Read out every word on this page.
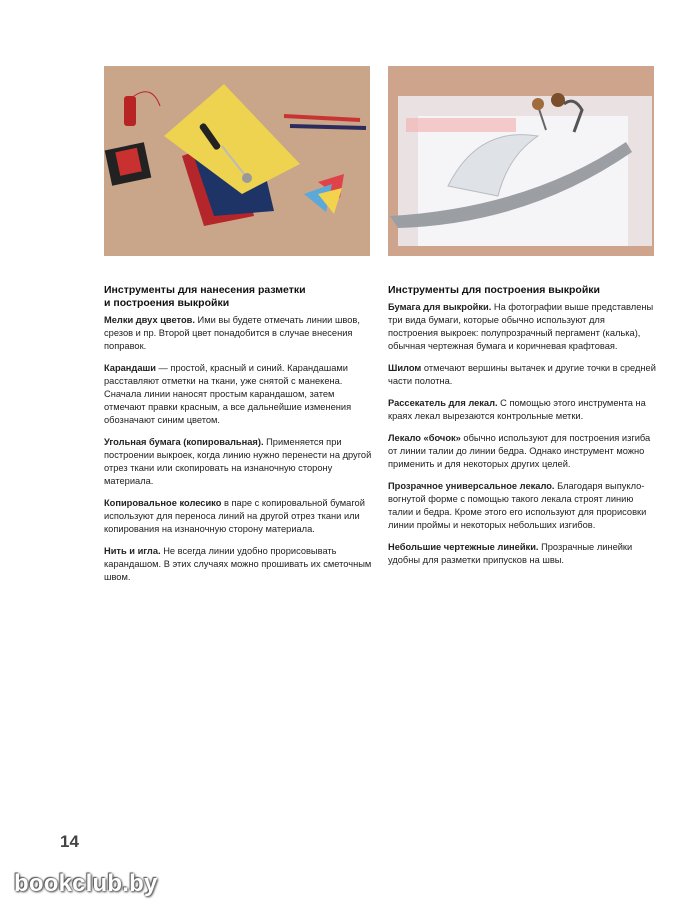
Инструменты для нанесения разметки
и построения выкройки

Мелки двух цветов. Ими вы будете отмечать линии швов, срезов и пр. Второй цвет понадобится в случае внесения поправок.

Карандаши — простой, красный и синий. Карандашами расставляют отметки на ткани, уже снятой с манекена. Сначала линии наносят простым карандашом, затем отмечают правки красным, а все дальнейшие изменения обозначают синим цветом.

Угольная бумага (копировальная). Применяется при построении выкроек, когда линию нужно перенести на другой отрез ткани или скопировать на изнаночную сторону материала.

Копировальное колесико в паре с копировальной бумагой используют для переноса линий на другой отрез ткани или копирования на изнаночную сторону материала.

Нить и игла. Не всегда линии удобно прорисовывать карандашом. В этих случаях можно прошивать их сметочным швом.

Инструменты для построения выкройки

Бумага для выкройки. На фотографии выше представлены три вида бумаги, которые обычно используют для построения выкроек: полупрозрачный пергамент (калька), обычная чертежная бумага и коричневая крафтовая.

Шилом отмечают вершины вытачек и другие точки в средней части полотна.

Рассекатель для лекал. С помощью этого инструмента на краях лекал вырезаются контрольные метки.

Лекало «бочок» обычно используют для построения изгиба от линии талии до линии бедра. Однако инструмент можно применить и для некоторых других целей.

Прозрачное универсальное лекало. Благодаря выпукло-вогнутой форме с помощью такого лекала строят линию талии и бедра. Кроме этого его используют для прорисовки линии проймы и некоторых небольших изгибов.

Небольшие чертежные линейки. Прозрачные линейки удобны для разметки припусков на швы.

14
bookclub.by
